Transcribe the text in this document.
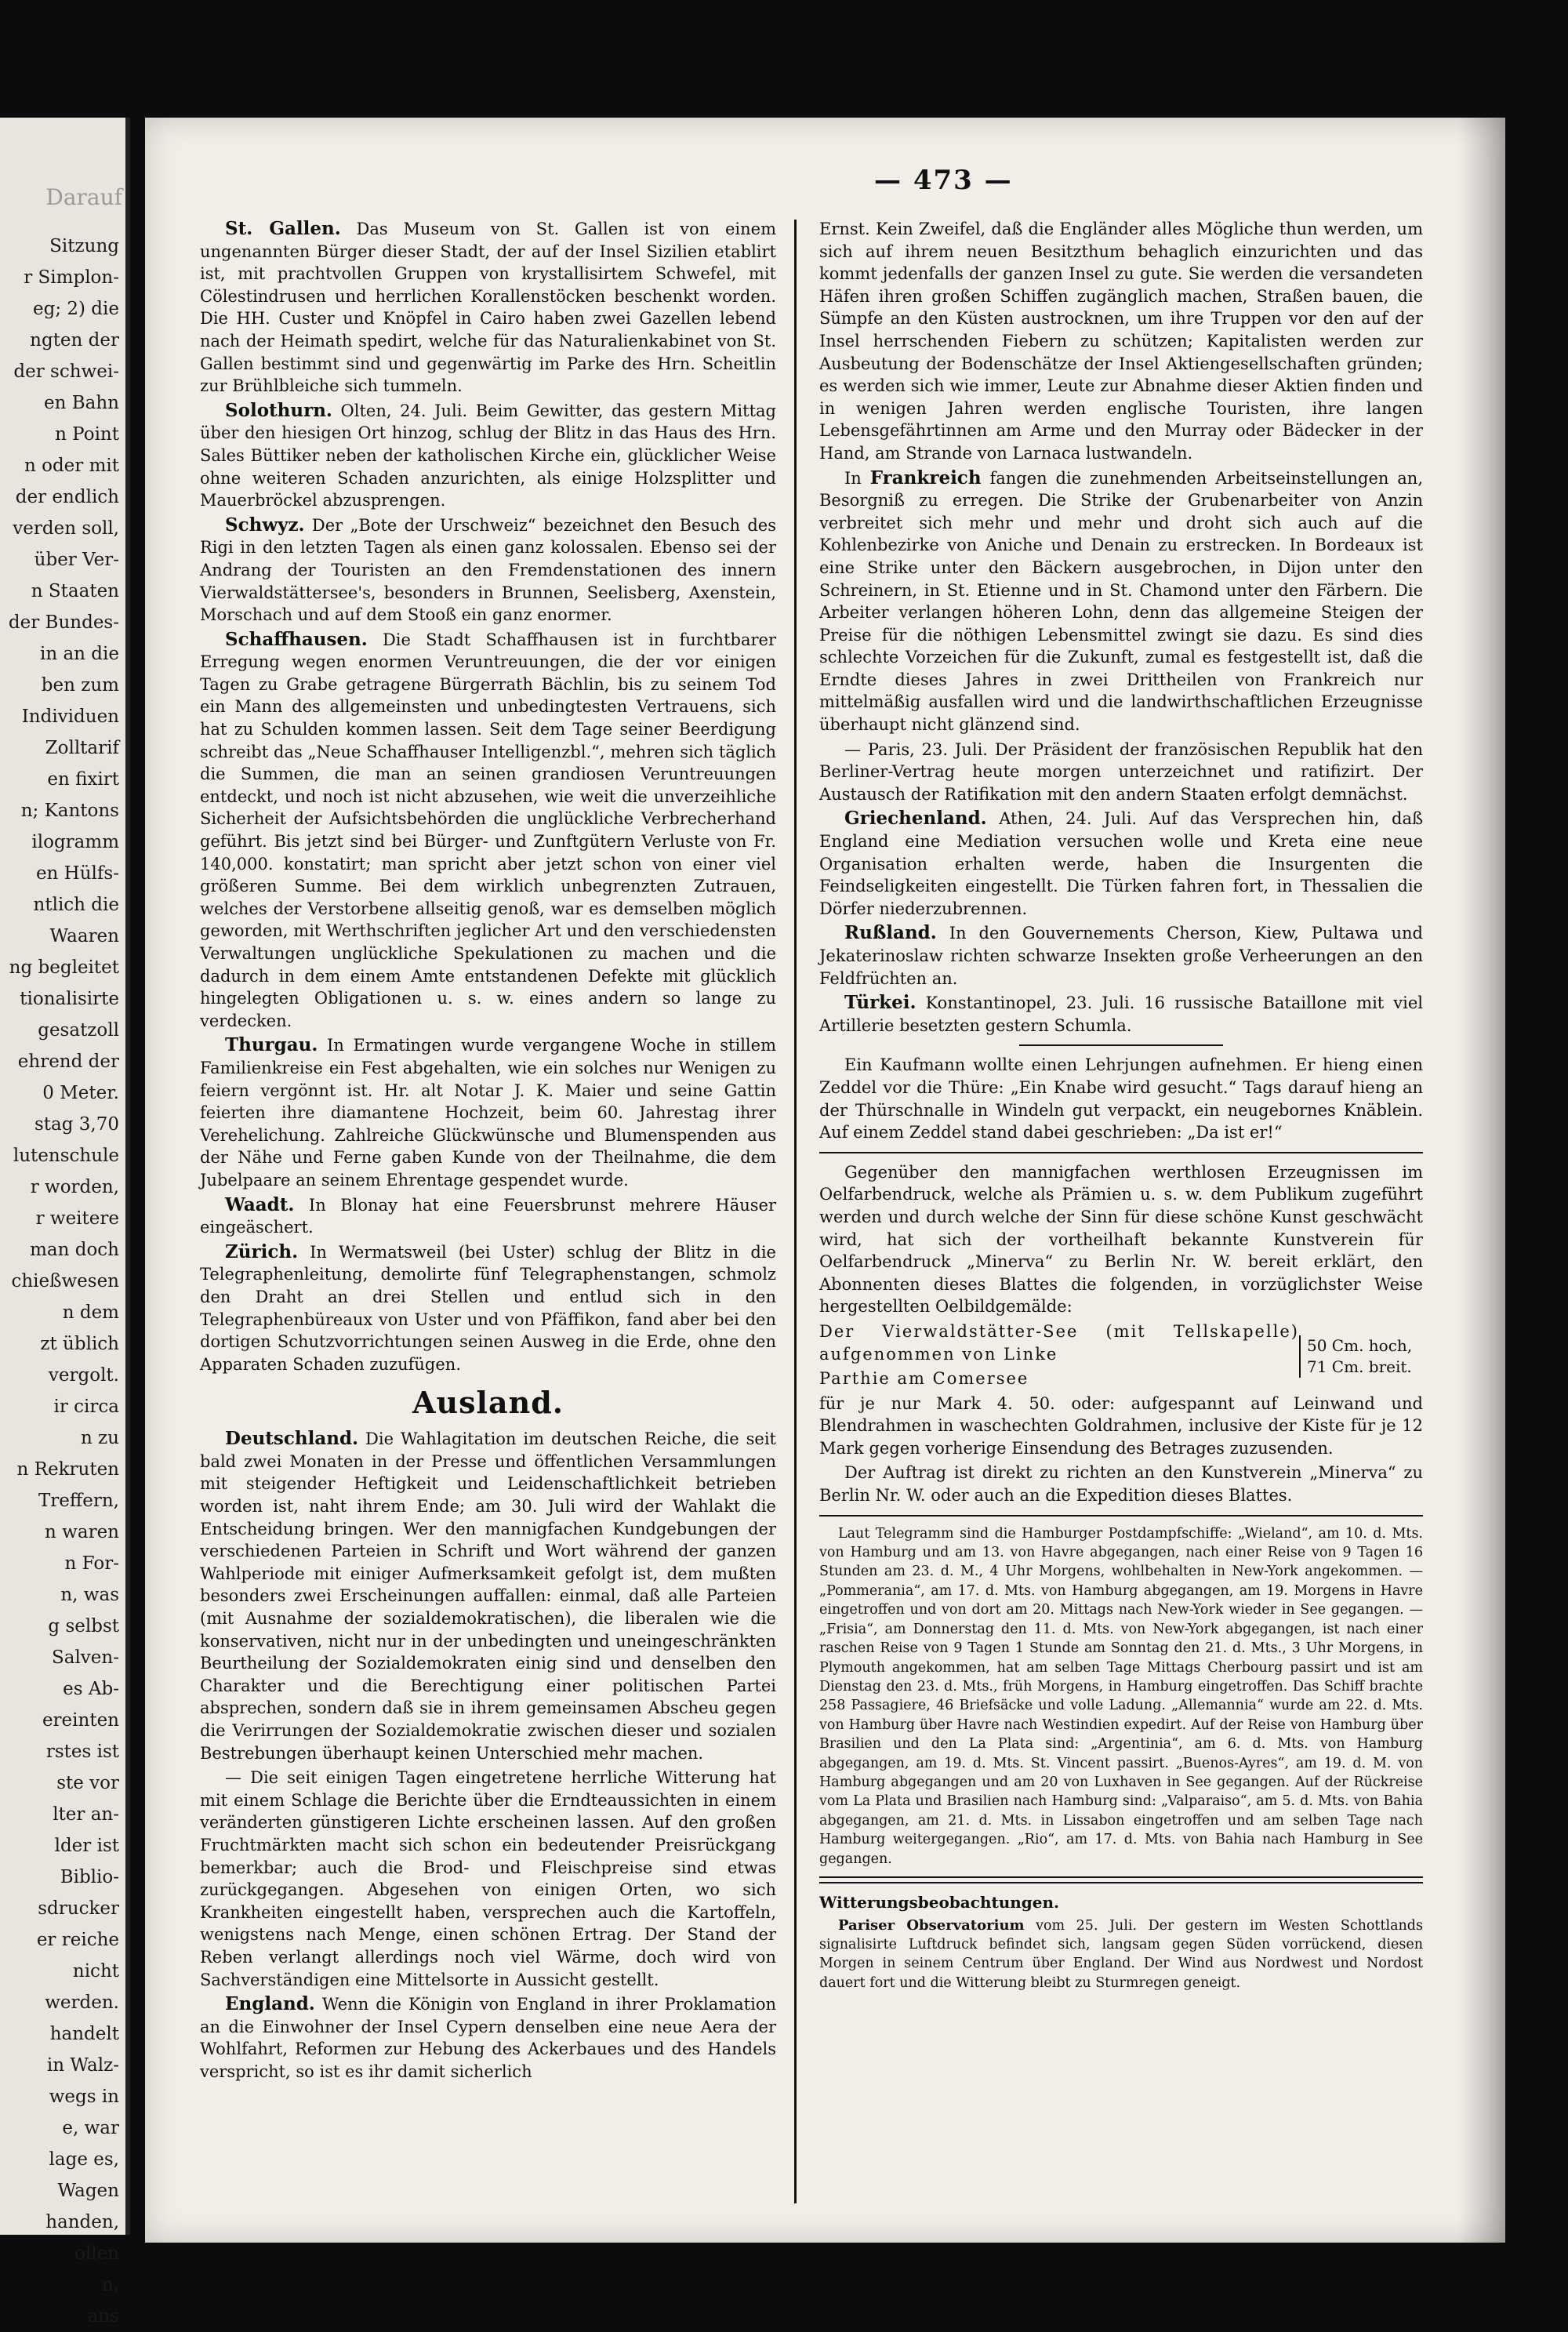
Darauf
Sitzung
r Simplon-
eg; 2) die
ngten der
der schwei-
en Bahn
n Point
n oder mit
der endlich
verden soll,
über Ver-
n Staaten
der Bundes-
in an die
ben zum
Individuen
Zolltarif
en fixirt
n; Kantons
ilogramm
en Hülfs-
ntlich die
Waaren
ng begleitet
tionalisirte
gesatzoll
ehrend der
0 Meter.
stag 3,70
lutenschule
r worden,
r weitere
man doch
chießwesen
n dem
zt üblich
vergolt.
ir circa
n zu
n Rekruten
Treffern,
n waren
n For-
n, was
g selbst
Salven-
es Ab-
ereinten
rstes ist
ste vor
lter an-
lder ist
Biblio-
sdrucker
er reiche
nicht
werden.
handelt
in Walz-
wegs in
e, war
lage es,
Wagen
handen,
ollen
n,
ans
— 473 —

St. Gallen. Das Museum von St. Gallen ist von einem ungenannten Bürger dieser Stadt, der auf der Insel Sizilien etablirt ist, mit prachtvollen Gruppen von krystallisirtem Schwefel, mit Cölestindrusen und herrlichen Korallenstöcken beschenkt worden. Die HH. Custer und Knöpfel in Cairo haben zwei Gazellen lebend nach der Heimath spedirt, welche für das Naturalienkabinet von St. Gallen bestimmt sind und gegenwärtig im Parke des Hrn. Scheitlin zur Brühlbleiche sich tummeln.

Solothurn. Olten, 24. Juli. Beim Gewitter, das gestern Mittag über den hiesigen Ort hinzog, schlug der Blitz in das Haus des Hrn. Sales Büttiker neben der katholischen Kirche ein, glücklicher Weise ohne weiteren Schaden anzurichten, als einige Holzsplitter und Mauerbröckel abzusprengen.

Schwyz. Der „Bote der Urschweiz“ bezeichnet den Besuch des Rigi in den letzten Tagen als einen ganz kolossalen. Ebenso sei der Andrang der Touristen an den Fremdenstationen des innern Vierwaldstättersee's, besonders in Brunnen, Seelisberg, Axenstein, Morschach und auf dem Stooß ein ganz enormer.

Schaffhausen. Die Stadt Schaffhausen ist in furchtbarer Erregung wegen enormen Veruntreuungen, die der vor einigen Tagen zu Grabe getragene Bürgerrath Bächlin, bis zu seinem Tod ein Mann des allgemeinsten und unbedingtesten Vertrauens, sich hat zu Schulden kommen lassen. Seit dem Tage seiner Beerdigung schreibt das „Neue Schaffhauser Intelligenzbl.“, mehren sich täglich die Summen, die man an seinen grandiosen Veruntreuungen entdeckt, und noch ist nicht abzusehen, wie weit die unverzeihliche Sicherheit der Aufsichtsbehörden die unglückliche Verbrecherhand geführt. Bis jetzt sind bei Bürger- und Zunftgütern Verluste von Fr. 140,000. konstatirt; man spricht aber jetzt schon von einer viel größeren Summe. Bei dem wirklich unbegrenzten Zutrauen, welches der Verstorbene allseitig genoß, war es demselben möglich geworden, mit Werthschriften jeglicher Art und den verschiedensten Verwaltungen unglückliche Spekulationen zu machen und die dadurch in dem einem Amte entstandenen Defekte mit glücklich hingelegten Obligationen u. s. w. eines andern so lange zu verdecken.

Thurgau. In Ermatingen wurde vergangene Woche in stillem Familienkreise ein Fest abgehalten, wie ein solches nur Wenigen zu feiern vergönnt ist. Hr. alt Notar J. K. Maier und seine Gattin feierten ihre diamantene Hochzeit, beim 60. Jahrestag ihrer Verehelichung. Zahlreiche Glückwünsche und Blumenspenden aus der Nähe und Ferne gaben Kunde von der Theilnahme, die dem Jubelpaare an seinem Ehrentage gespendet wurde.

Waadt. In Blonay hat eine Feuersbrunst mehrere Häuser eingeäschert.

Zürich. In Wermatsweil (bei Uster) schlug der Blitz in die Telegraphenleitung, demolirte fünf Telegraphenstangen, schmolz den Draht an drei Stellen und entlud sich in den Telegraphenbüreaux von Uster und von Pfäffikon, fand aber bei den dortigen Schutzvorrichtungen seinen Ausweg in die Erde, ohne den Apparaten Schaden zuzufügen.

Ausland.

Deutschland. Die Wahlagitation im deutschen Reiche, die seit bald zwei Monaten in der Presse und öffentlichen Versammlungen mit steigender Heftigkeit und Leidenschaftlichkeit betrieben worden ist, naht ihrem Ende; am 30. Juli wird der Wahlakt die Entscheidung bringen. Wer den mannigfachen Kundgebungen der verschiedenen Parteien in Schrift und Wort während der ganzen Wahlperiode mit einiger Aufmerksamkeit gefolgt ist, dem mußten besonders zwei Erscheinungen auffallen: einmal, daß alle Parteien (mit Ausnahme der sozialdemokratischen), die liberalen wie die konservativen, nicht nur in der unbedingten und uneingeschränkten Beurtheilung der Sozialdemokraten einig sind und denselben den Charakter und die Berechtigung einer politischen Partei absprechen, sondern daß sie in ihrem gemeinsamen Abscheu gegen die Verirrungen der Sozialdemokratie zwischen dieser und sozialen Bestrebungen überhaupt keinen Unterschied mehr machen.

— Die seit einigen Tagen eingetretene herrliche Witterung hat mit einem Schlage die Berichte über die Erndteaussichten in einem veränderten günstigeren Lichte erscheinen lassen. Auf den großen Fruchtmärkten macht sich schon ein bedeutender Preisrückgang bemerkbar; auch die Brod- und Fleischpreise sind etwas zurückgegangen. Abgesehen von einigen Orten, wo sich Krankheiten eingestellt haben, versprechen auch die Kartoffeln, wenigstens nach Menge, einen schönen Ertrag. Der Stand der Reben verlangt allerdings noch viel Wärme, doch wird von Sachverständigen eine Mittelsorte in Aussicht gestellt.

England. Wenn die Königin von England in ihrer Proklamation an die Einwohner der Insel Cypern denselben eine neue Aera der Wohlfahrt, Reformen zur Hebung des Ackerbaues und des Handels verspricht, so ist es ihr damit sicherlich

Ernst. Kein Zweifel, daß die Engländer alles Mögliche thun werden, um sich auf ihrem neuen Besitzthum behaglich einzurichten und das kommt jedenfalls der ganzen Insel zu gute. Sie werden die versandeten Häfen ihren großen Schiffen zugänglich machen, Straßen bauen, die Sümpfe an den Küsten austrocknen, um ihre Truppen vor den auf der Insel herrschenden Fiebern zu schützen; Kapitalisten werden zur Ausbeutung der Bodenschätze der Insel Aktiengesellschaften gründen; es werden sich wie immer, Leute zur Abnahme dieser Aktien finden und in wenigen Jahren werden englische Touristen, ihre langen Lebensgefährtinnen am Arme und den Murray oder Bädecker in der Hand, am Strande von Larnaca lustwandeln.

In Frankreich fangen die zunehmenden Arbeitseinstellungen an, Besorgniß zu erregen. Die Strike der Grubenarbeiter von Anzin verbreitet sich mehr und mehr und droht sich auch auf die Kohlenbezirke von Aniche und Denain zu erstrecken. In Bordeaux ist eine Strike unter den Bäckern ausgebrochen, in Dijon unter den Schreinern, in St. Etienne und in St. Chamond unter den Färbern. Die Arbeiter verlangen höheren Lohn, denn das allgemeine Steigen der Preise für die nöthigen Lebensmittel zwingt sie dazu. Es sind dies schlechte Vorzeichen für die Zukunft, zumal es festgestellt ist, daß die Erndte dieses Jahres in zwei Drittheilen von Frankreich nur mittelmäßig ausfallen wird und die landwirthschaftlichen Erzeugnisse überhaupt nicht glänzend sind.

— Paris, 23. Juli. Der Präsident der französischen Republik hat den Berliner-Vertrag heute morgen unterzeichnet und ratifizirt. Der Austausch der Ratifikation mit den andern Staaten erfolgt demnächst.

Griechenland. Athen, 24. Juli. Auf das Versprechen hin, daß England eine Mediation versuchen wolle und Kreta eine neue Organisation erhalten werde, haben die Insurgenten die Feindseligkeiten eingestellt. Die Türken fahren fort, in Thessalien die Dörfer niederzubrennen.

Rußland. In den Gouvernements Cherson, Kiew, Pultawa und Jekaterinoslaw richten schwarze Insekten große Verheerungen an den Feldfrüchten an.

Türkei. Konstantinopel, 23. Juli. 16 russische Bataillone mit viel Artillerie besetzten gestern Schumla.

Ein Kaufmann wollte einen Lehrjungen aufnehmen. Er hieng einen Zeddel vor die Thüre: „Ein Knabe wird gesucht.“ Tags darauf hieng an der Thürschnalle in Windeln gut verpackt, ein neugebornes Knäblein. Auf einem Zeddel stand dabei geschrieben: „Da ist er!“

Gegenüber den mannigfachen werthlosen Erzeugnissen im Oelfarbendruck, welche als Prämien u. s. w. dem Publikum zugeführt werden und durch welche der Sinn für diese schöne Kunst geschwächt wird, hat sich der vortheilhaft bekannte Kunstverein für Oelfarbendruck „Minerva“ zu Berlin Nr. W. bereit erklärt, den Abonnenten dieses Blattes die folgenden, in vorzüglichster Weise hergestellten Oelbildgemälde:

Der Vierwaldstätter-See (mit Tellskapelle) aufgenommen von Linke

Parthie am Comersee

50 Cm. hoch,
71 Cm. breit.

für je nur Mark 4. 50. oder: aufgespannt auf Leinwand und Blendrahmen in waschechten Goldrahmen, inclusive der Kiste für je 12 Mark gegen vorherige Einsendung des Betrages zuzusenden.

Der Auftrag ist direkt zu richten an den Kunstverein „Minerva“ zu Berlin Nr. W. oder auch an die Expedition dieses Blattes.

Laut Telegramm sind die Hamburger Postdampfschiffe: „Wieland“, am 10. d. Mts. von Hamburg und am 13. von Havre abgegangen, nach einer Reise von 9 Tagen 16 Stunden am 23. d. M., 4 Uhr Morgens, wohlbehalten in New-York angekommen. — „Pommerania“, am 17. d. Mts. von Hamburg abgegangen, am 19. Morgens in Havre eingetroffen und von dort am 20. Mittags nach New-York wieder in See gegangen. — „Frisia“, am Donnerstag den 11. d. Mts. von New-York abgegangen, ist nach einer raschen Reise von 9 Tagen 1 Stunde am Sonntag den 21. d. Mts., 3 Uhr Morgens, in Plymouth angekommen, hat am selben Tage Mittags Cherbourg passirt und ist am Dienstag den 23. d. Mts., früh Morgens, in Hamburg eingetroffen. Das Schiff brachte 258 Passagiere, 46 Briefsäcke und volle Ladung. „Allemannia“ wurde am 22. d. Mts. von Hamburg über Havre nach Westindien expedirt. Auf der Reise von Hamburg über Brasilien und den La Plata sind: „Argentinia“, am 6. d. Mts. von Hamburg abgegangen, am 19. d. Mts. St. Vincent passirt. „Buenos-Ayres“, am 19. d. M. von Hamburg abgegangen und am 20 von Luxhaven in See gegangen. Auf der Rückreise vom La Plata und Brasilien nach Hamburg sind: „Valparaiso“, am 5. d. Mts. von Bahia abgegangen, am 21. d. Mts. in Lissabon eingetroffen und am selben Tage nach Hamburg weitergegangen. „Rio“, am 17. d. Mts. von Bahia nach Hamburg in See gegangen.

Witterungsbeobachtungen.

Pariser Observatorium vom 25. Juli. Der gestern im Westen Schottlands signalisirte Luftdruck befindet sich, langsam gegen Süden vorrückend, diesen Morgen in seinem Centrum über England. Der Wind aus Nordwest und Nordost dauert fort und die Witterung bleibt zu Sturmregen geneigt.
